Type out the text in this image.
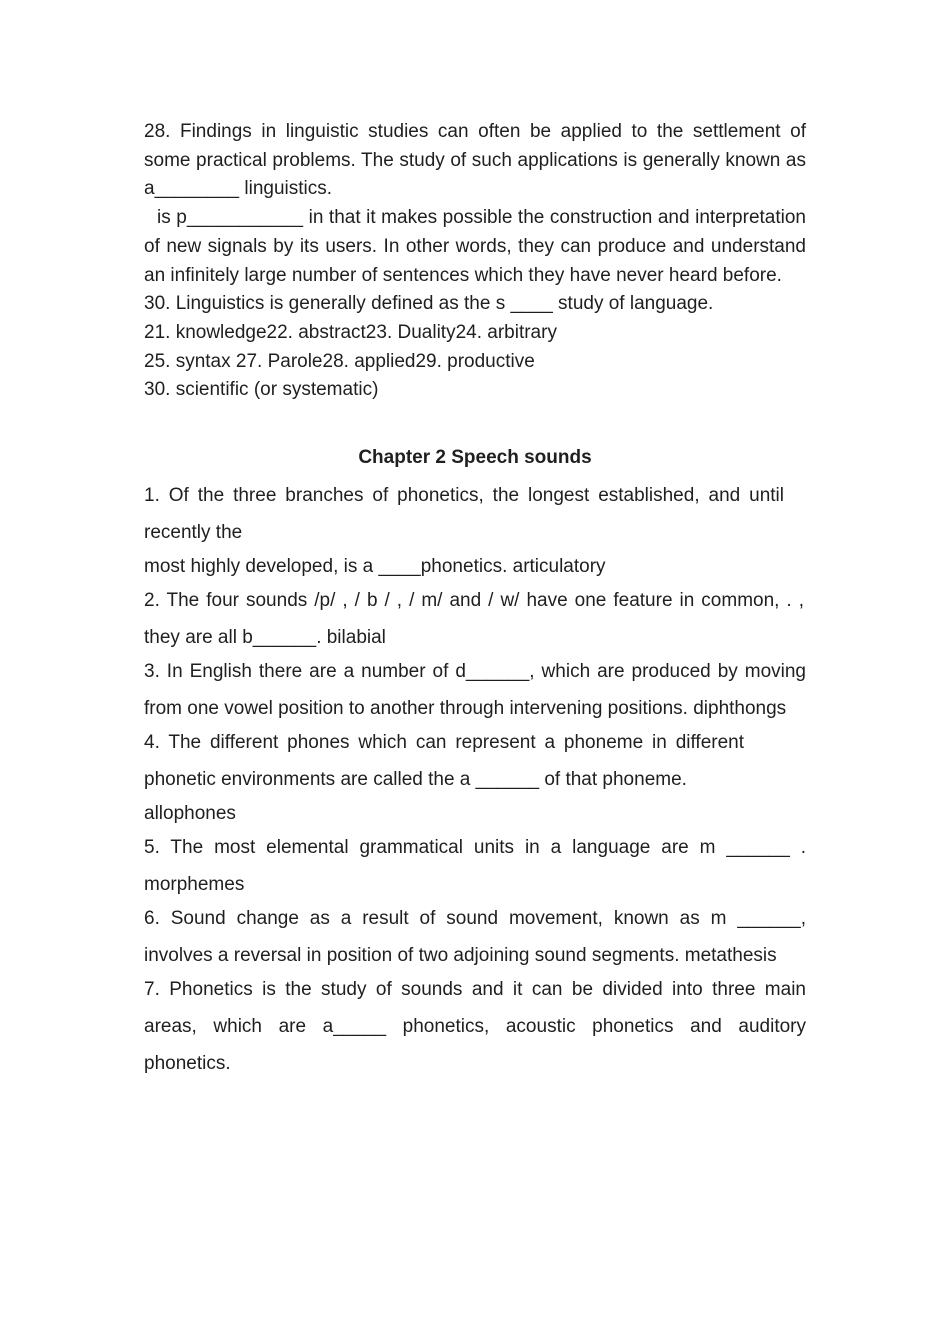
28. Findings in linguistic studies can often be applied to the settlement of some practical problems. The study of such applications is generally known as a________ linguistics.

is p___________ in that it makes possible the construction and interpretation of new signals by its users. In other words, they can produce and understand an infinitely large number of sentences which they have never heard before.

30. Linguistics is generally defined as the s ____ study of language.

21. knowledge22. abstract23. Duality24. arbitrary

25. syntax 27. Parole28. applied29. productive

30. scientific (or systematic)

Chapter 2 Speech sounds

1. Of the three branches of phonetics, the longest established, and until recently the

most highly developed, is a ____phonetics. articulatory

2. The four sounds /p/ , / b / , / m/ and / w/ have one feature in common, . , they are all b______. bilabial

3. In English there are a number of d______, which are produced by moving from one vowel position to another through intervening positions. diphthongs

4. The different phones which can represent a phoneme in different phonetic environments are called the a ______ of that phoneme.

allophones

5. The most elemental grammatical units in a language are m ______ . morphemes

6. Sound change as a result of sound movement, known as m ______, involves a reversal in position of two adjoining sound segments. metathesis

7. Phonetics is the study of sounds and it can be divided into three main areas, which are a_____ phonetics, acoustic phonetics and auditory phonetics.
